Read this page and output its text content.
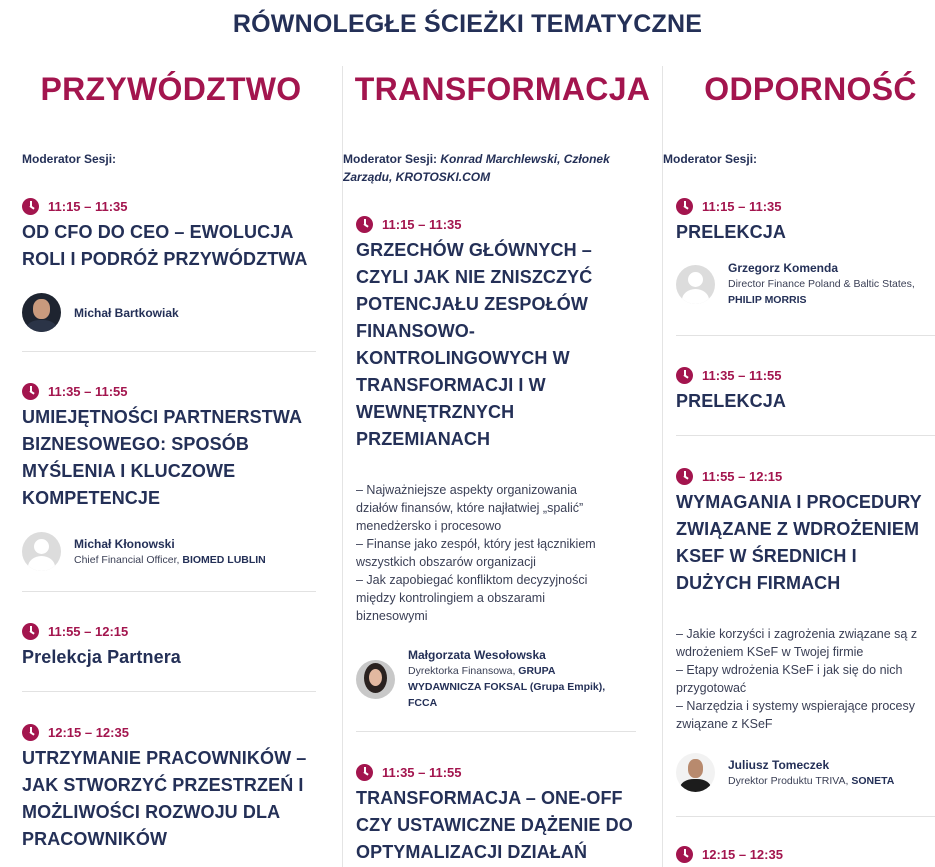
RÓWNOLEGŁE ŚCIEŻKI TEMATYCZNE
PRZYWÓDZTWO
Moderator Sesji:
11:15 – 11:35
OD CFO DO CEO – EWOLUCJA ROLI I PODRÓŻ PRZYWÓDZTWA
Michał Bartkowiak
11:35 – 11:55
UMIEJĘTNOŚCI PARTNERSTWA BIZNESOWEGO: SPOSÓB MYŚLENIA I KLUCZOWE KOMPETENCJE
Michał Kłonowski
Chief Financial Officer, BIOMED LUBLIN
11:55 – 12:15
Prelekcja Partnera
12:15 – 12:35
UTRZYMANIE PRACOWNIKÓW – JAK STWORZYĆ PRZESTRZEŃ I MOŻLIWOŚCI ROZWOJU DLA PRACOWNIKÓW
TRANSFORMACJA
Moderator Sesji: Konrad Marchlewski, Członek Zarządu, KROTOSKI.COM
11:15 – 11:35
GRZECHÓW GŁÓWNYCH – CZYLI JAK NIE ZNISZCZYĆ POTENCJAŁU ZESPOŁÓW FINANSOWO-KONTROLINGOWYCH W TRANSFORMACJI I W WEWNĘTRZNYCH PRZEMIANACH
– Najważniejsze aspekty organizowania działów finansów, które najłatwiej „spalić” menedżersko i procesowo
– Finanse jako zespół, który jest łącznikiem wszystkich obszarów organizacji
– Jak zapobiegać konfliktom decyzyjności między kontrolingiem a obszarami biznesowymi
Małgorzata Wesołowska
Dyrektorka Finansowa, GRUPA WYDAWNICZA FOKSAL (Grupa Empik), FCCA
11:35 – 11:55
TRANSFORMACJA – ONE-OFF CZY USTAWICZNE DĄŻENIE DO OPTYMALIZACJI DZIAŁAŃ
ODPORNOŚĆ
Moderator Sesji:
11:15 – 11:35
PRELEKCJA
Grzegorz Komenda
Director Finance Poland & Baltic States,
PHILIP MORRIS
11:35 – 11:55
PRELEKCJA
11:55 – 12:15
WYMAGANIA I PROCEDURY ZWIĄZANE Z WDROŻENIEM KSEF W ŚREDNICH I DUŻYCH FIRMACH
– Jakie korzyści i zagrożenia związane są z wdrożeniem KSeF w Twojej firmie
– Etapy wdrożenia KSeF i jak się do nich przygotować
– Narzędzia i systemy wspierające procesy związane z KSeF
Juliusz Tomeczek
Dyrektor Produktu TRIVA, SONETA
12:15 – 12:35
